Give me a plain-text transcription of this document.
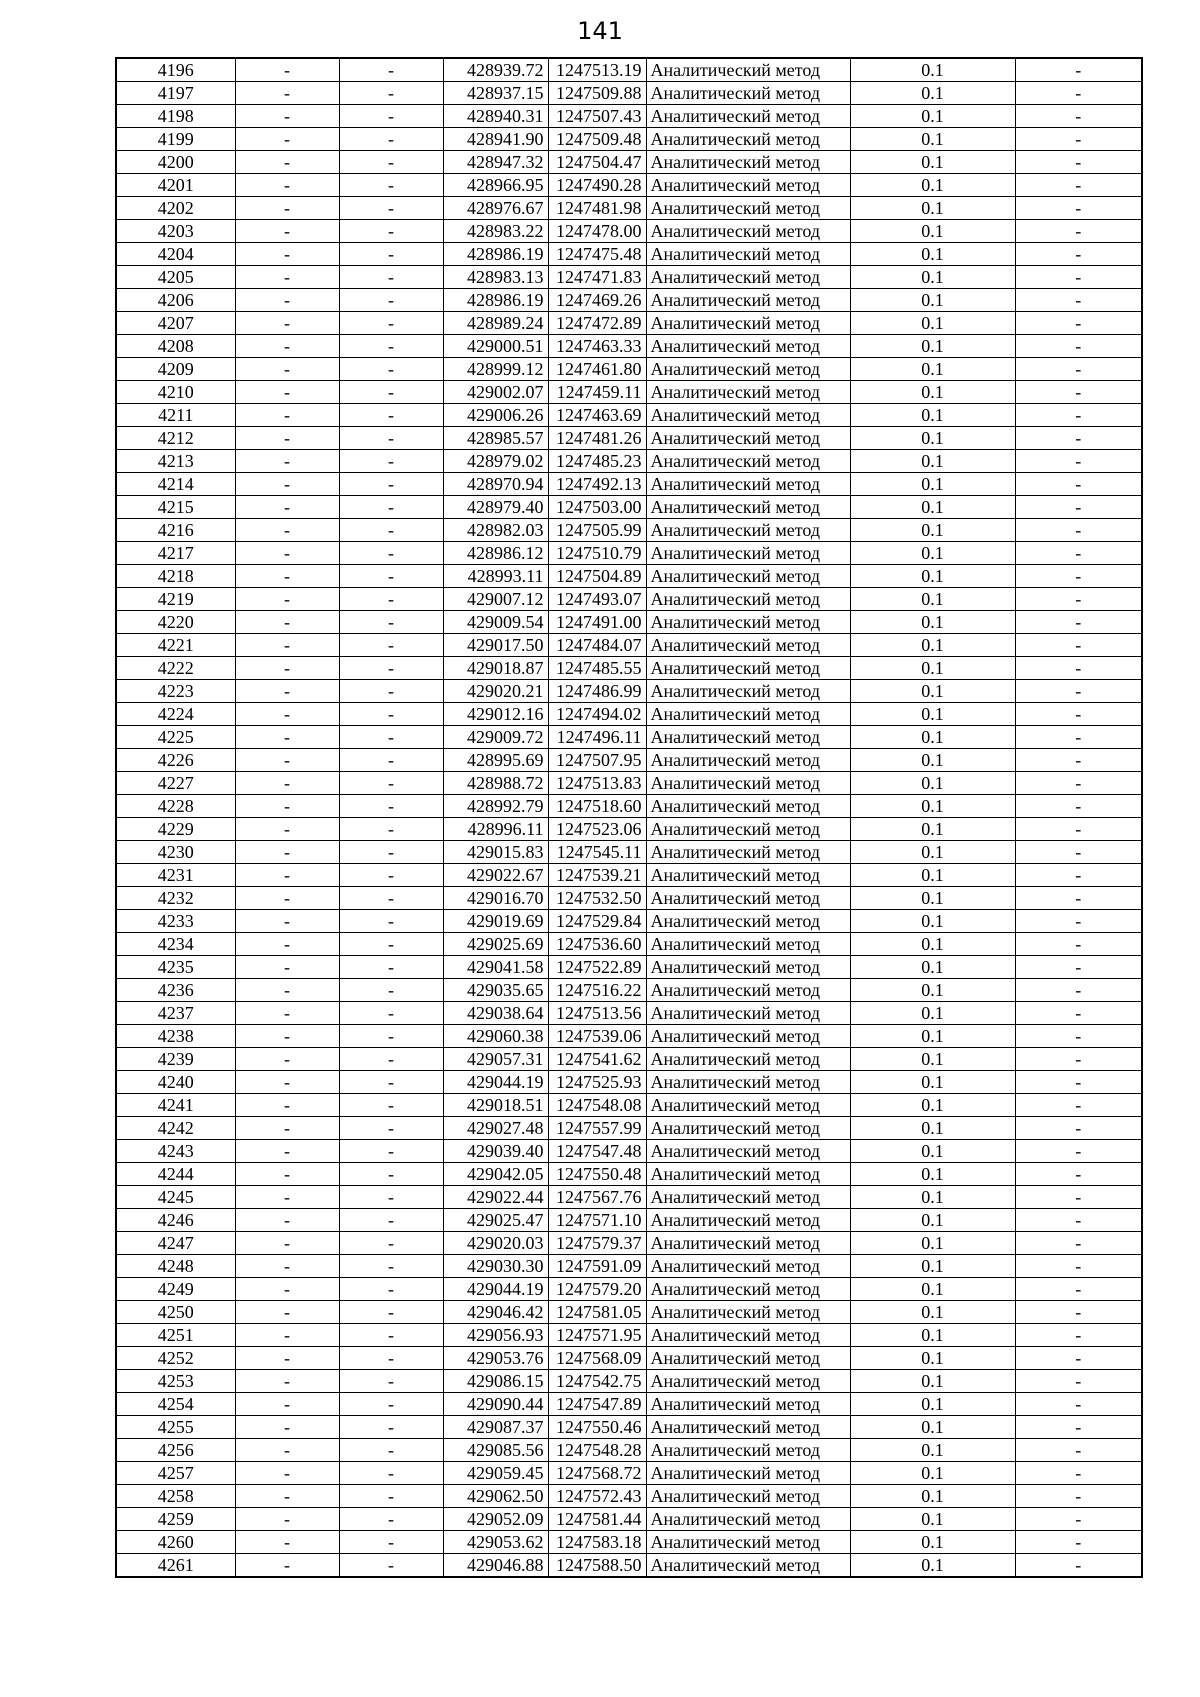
141
4196	-	-	428939.72	1247513.19	Аналитический метод	0.1	-
4197	-	-	428937.15	1247509.88	Аналитический метод	0.1	-
4198	-	-	428940.31	1247507.43	Аналитический метод	0.1	-
4199	-	-	428941.90	1247509.48	Аналитический метод	0.1	-
4200	-	-	428947.32	1247504.47	Аналитический метод	0.1	-
4201	-	-	428966.95	1247490.28	Аналитический метод	0.1	-
4202	-	-	428976.67	1247481.98	Аналитический метод	0.1	-
4203	-	-	428983.22	1247478.00	Аналитический метод	0.1	-
4204	-	-	428986.19	1247475.48	Аналитический метод	0.1	-
4205	-	-	428983.13	1247471.83	Аналитический метод	0.1	-
4206	-	-	428986.19	1247469.26	Аналитический метод	0.1	-
4207	-	-	428989.24	1247472.89	Аналитический метод	0.1	-
4208	-	-	429000.51	1247463.33	Аналитический метод	0.1	-
4209	-	-	428999.12	1247461.80	Аналитический метод	0.1	-
4210	-	-	429002.07	1247459.11	Аналитический метод	0.1	-
4211	-	-	429006.26	1247463.69	Аналитический метод	0.1	-
4212	-	-	428985.57	1247481.26	Аналитический метод	0.1	-
4213	-	-	428979.02	1247485.23	Аналитический метод	0.1	-
4214	-	-	428970.94	1247492.13	Аналитический метод	0.1	-
4215	-	-	428979.40	1247503.00	Аналитический метод	0.1	-
4216	-	-	428982.03	1247505.99	Аналитический метод	0.1	-
4217	-	-	428986.12	1247510.79	Аналитический метод	0.1	-
4218	-	-	428993.11	1247504.89	Аналитический метод	0.1	-
4219	-	-	429007.12	1247493.07	Аналитический метод	0.1	-
4220	-	-	429009.54	1247491.00	Аналитический метод	0.1	-
4221	-	-	429017.50	1247484.07	Аналитический метод	0.1	-
4222	-	-	429018.87	1247485.55	Аналитический метод	0.1	-
4223	-	-	429020.21	1247486.99	Аналитический метод	0.1	-
4224	-	-	429012.16	1247494.02	Аналитический метод	0.1	-
4225	-	-	429009.72	1247496.11	Аналитический метод	0.1	-
4226	-	-	428995.69	1247507.95	Аналитический метод	0.1	-
4227	-	-	428988.72	1247513.83	Аналитический метод	0.1	-
4228	-	-	428992.79	1247518.60	Аналитический метод	0.1	-
4229	-	-	428996.11	1247523.06	Аналитический метод	0.1	-
4230	-	-	429015.83	1247545.11	Аналитический метод	0.1	-
4231	-	-	429022.67	1247539.21	Аналитический метод	0.1	-
4232	-	-	429016.70	1247532.50	Аналитический метод	0.1	-
4233	-	-	429019.69	1247529.84	Аналитический метод	0.1	-
4234	-	-	429025.69	1247536.60	Аналитический метод	0.1	-
4235	-	-	429041.58	1247522.89	Аналитический метод	0.1	-
4236	-	-	429035.65	1247516.22	Аналитический метод	0.1	-
4237	-	-	429038.64	1247513.56	Аналитический метод	0.1	-
4238	-	-	429060.38	1247539.06	Аналитический метод	0.1	-
4239	-	-	429057.31	1247541.62	Аналитический метод	0.1	-
4240	-	-	429044.19	1247525.93	Аналитический метод	0.1	-
4241	-	-	429018.51	1247548.08	Аналитический метод	0.1	-
4242	-	-	429027.48	1247557.99	Аналитический метод	0.1	-
4243	-	-	429039.40	1247547.48	Аналитический метод	0.1	-
4244	-	-	429042.05	1247550.48	Аналитический метод	0.1	-
4245	-	-	429022.44	1247567.76	Аналитический метод	0.1	-
4246	-	-	429025.47	1247571.10	Аналитический метод	0.1	-
4247	-	-	429020.03	1247579.37	Аналитический метод	0.1	-
4248	-	-	429030.30	1247591.09	Аналитический метод	0.1	-
4249	-	-	429044.19	1247579.20	Аналитический метод	0.1	-
4250	-	-	429046.42	1247581.05	Аналитический метод	0.1	-
4251	-	-	429056.93	1247571.95	Аналитический метод	0.1	-
4252	-	-	429053.76	1247568.09	Аналитический метод	0.1	-
4253	-	-	429086.15	1247542.75	Аналитический метод	0.1	-
4254	-	-	429090.44	1247547.89	Аналитический метод	0.1	-
4255	-	-	429087.37	1247550.46	Аналитический метод	0.1	-
4256	-	-	429085.56	1247548.28	Аналитический метод	0.1	-
4257	-	-	429059.45	1247568.72	Аналитический метод	0.1	-
4258	-	-	429062.50	1247572.43	Аналитический метод	0.1	-
4259	-	-	429052.09	1247581.44	Аналитический метод	0.1	-
4260	-	-	429053.62	1247583.18	Аналитический метод	0.1	-
4261	-	-	429046.88	1247588.50	Аналитический метод	0.1	-
